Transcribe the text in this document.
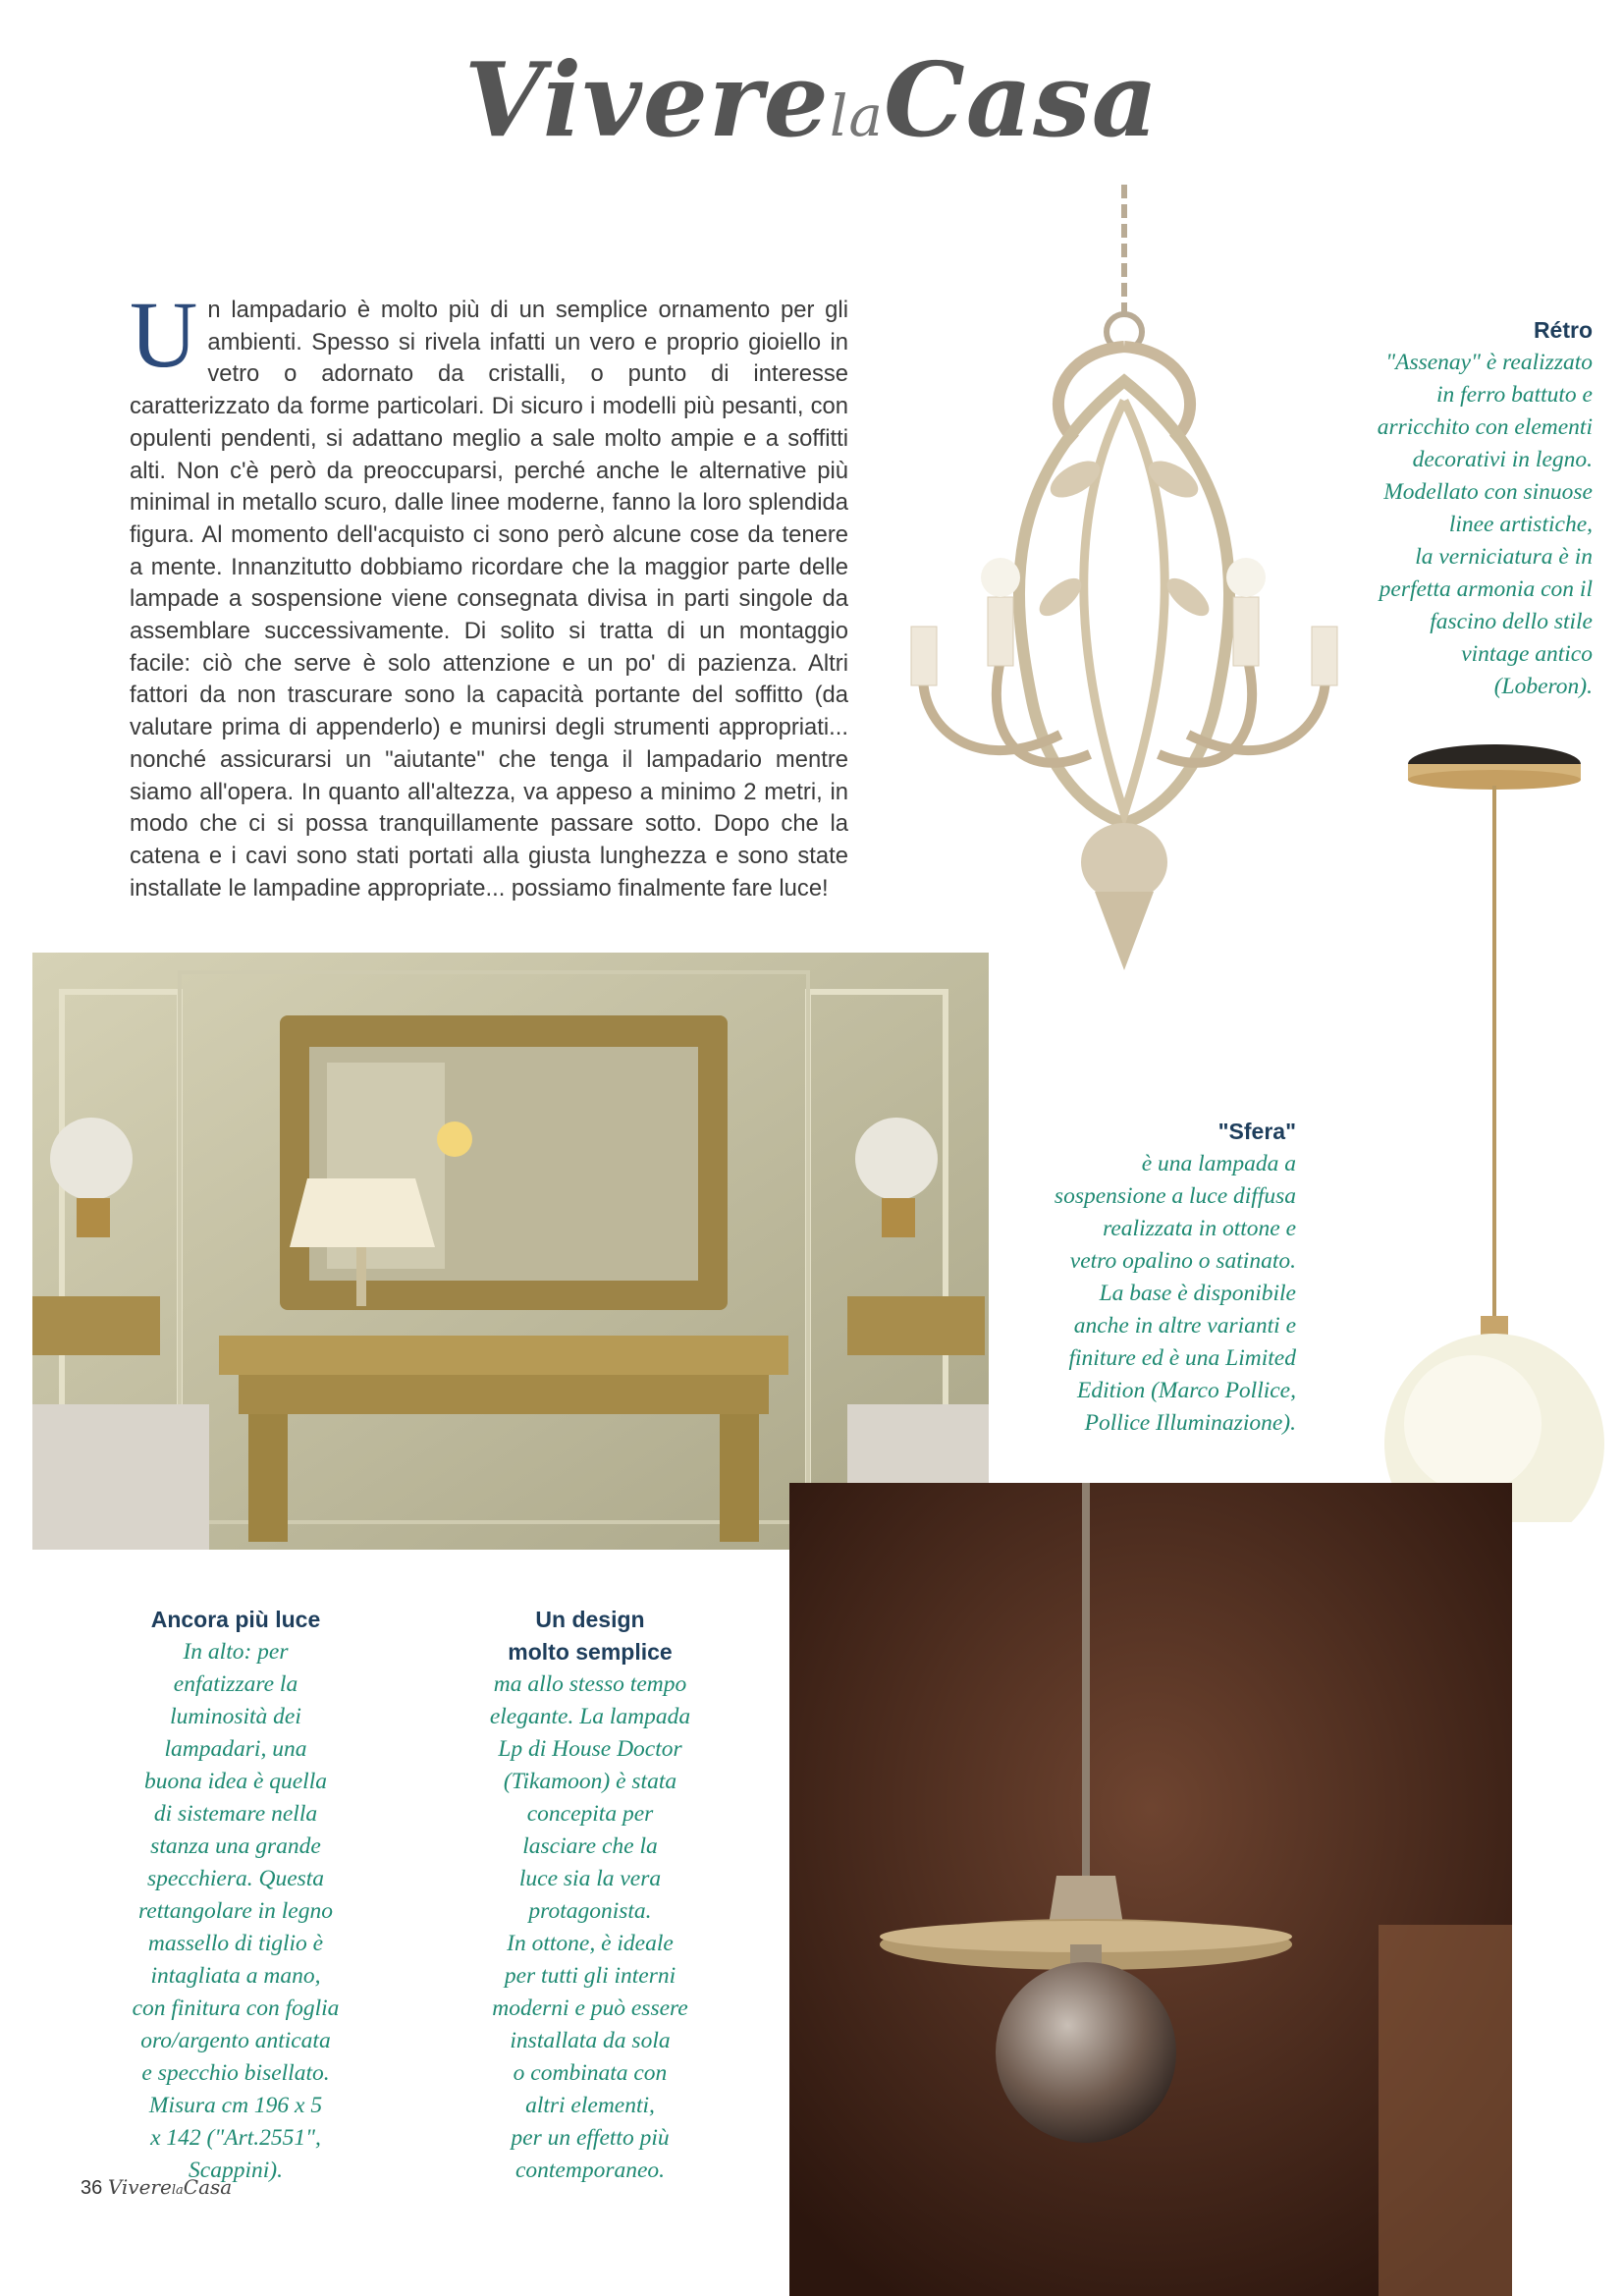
ViverelaCasa
Un lampadario è molto più di un semplice ornamento per gli ambienti. Spesso si rivela infatti un vero e proprio gioiello in vetro o adornato da cristalli, o punto di interesse caratterizzato da forme particolari. Di sicuro i modelli più pesanti, con opulenti pendenti, si adattano meglio a sale molto ampie e a soffitti alti. Non c'è però da preoccuparsi, perché anche le alternative più minimal in metallo scuro, dalle linee moderne, fanno la loro splendida figura. Al momento dell'acquisto ci sono però alcune cose da tenere a mente. Innanzitutto dobbiamo ricordare che la maggior parte delle lampade a sospensione viene consegnata divisa in parti singole da assemblare successivamente. Di solito si tratta di un montaggio facile: ciò che serve è solo attenzione e un po' di pazienza. Altri fattori da non trascurare sono la capacità portante del soffitto (da valutare prima di appenderlo) e munirsi degli strumenti appropriati... nonché assicurarsi un "aiutante" che tenga il lampadario mentre siamo all'opera. In quanto all'altezza, va appeso a minimo 2 metri, in modo che ci si possa tranquillamente passare sotto. Dopo che la catena e i cavi sono stati portati alla giusta lunghezza e sono state installate le lampadine appropriate... possiamo finalmente fare luce!
Rétro
"Assenay" è realizzato
in ferro battuto e
arricchito con elementi
decorativi in legno.
Modellato con sinuose
linee artistiche,
la verniciatura è in
perfetta armonia con il
fascino dello stile
vintage antico
(Loberon).
"Sfera"
è una lampada a
sospensione a luce diffusa
realizzata in ottone e
vetro opalino o satinato.
La base è disponibile
anche in altre varianti e
finiture ed è una Limited
Edition (Marco Pollice,
Pollice Illuminazione).
Ancora più luce
In alto: per
enfatizzare la
luminosità dei
lampadari, una
buona idea è quella
di sistemare nella
stanza una grande
specchiera. Questa
rettangolare in legno
massello di tiglio è
intagliata a mano,
con finitura con foglia
oro/argento anticata
e specchio bisellato.
Misura cm 196 x 5
x 142 ("Art.2551",
Scappini).
Un design
molto semplice
ma allo stesso tempo
elegante. La lampada
Lp di House Doctor
(Tikamoon) è stata
concepita per
lasciare che la
luce sia la vera
protagonista.
In ottone, è ideale
per tutti gli interni
moderni e può essere
installata da sola
o combinata con
altri elementi,
per un effetto più
contemporaneo.
36 ViverelaCasa
